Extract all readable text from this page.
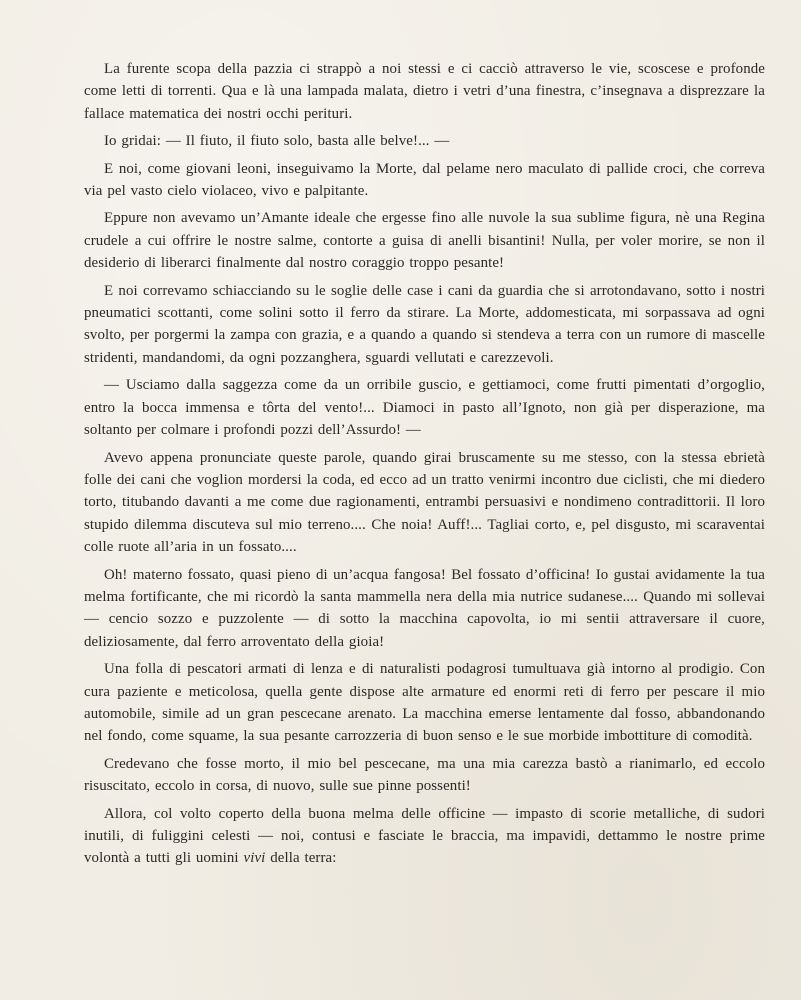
La furente scopa della pazzia ci strappò a noi stessi e ci cacciò attraverso le vie, scoscese e profonde come letti di torrenti. Qua e là una lampada malata, dietro i vetri d’una finestra, c’insegnava a disprezzare la fallace matematica dei nostri occhi perituri.

Io gridai: — Il fiuto, il fiuto solo, basta alle belve!... —

E noi, come giovani leoni, inseguivamo la Morte, dal pelame nero maculato di pallide croci, che correva via pel vasto cielo violaceo, vivo e palpitante.

Eppure non avevamo un’Amante ideale che ergesse fino alle nuvole la sua sublime figura, nè una Regina crudele a cui offrire le nostre salme, contorte a guisa di anelli bisantini! Nulla, per voler morire, se non il desiderio di liberarci finalmente dal nostro coraggio troppo pesante!

E noi correvamo schiacciando su le soglie delle case i cani da guardia che si arrotondavano, sotto i nostri pneumatici scottanti, come solini sotto il ferro da stirare. La Morte, addomesticata, mi sorpassava ad ogni svolto, per porgermi la zampa con grazia, e a quando a quando si stendeva a terra con un rumore di mascelle stridenti, mandandomi, da ogni pozzanghera, sguardi vellutati e carezzevoli.

— Usciamo dalla saggezza come da un orribile guscio, e gettiamoci, come frutti pimentati d’orgoglio, entro la bocca immensa e tôrta del vento!... Diamoci in pasto all’Ignoto, non già per disperazione, ma soltanto per colmare i profondi pozzi dell’Assurdo! —

Avevo appena pronunciate queste parole, quando girai bruscamente su me stesso, con la stessa ebrietà folle dei cani che voglion mordersi la coda, ed ecco ad un tratto venirmi incontro due ciclisti, che mi diedero torto, titubando davanti a me come due ragionamenti, entrambi persuasivi e nondimeno contradittorii. Il loro stupido dilemma discuteva sul mio terreno.... Che noia! Auff!... Tagliai corto, e, pel disgusto, mi scaraventai colle ruote all’aria in un fossato....

Oh! materno fossato, quasi pieno di un’acqua fangosa! Bel fossato d’officina! Io gustai avidamente la tua melma fortificante, che mi ricordò la santa mammella nera della mia nutrice sudanese.... Quando mi sollevai — cencio sozzo e puzzolente — di sotto la macchina capovolta, io mi sentii attraversare il cuore, deliziosamente, dal ferro arroventato della gioia!

Una folla di pescatori armati di lenza e di naturalisti podagrosi tumultuava già intorno al prodigio. Con cura paziente e meticolosa, quella gente dispose alte armature ed enormi reti di ferro per pescare il mio automobile, simile ad un gran pescecane arenato. La macchina emerse lentamente dal fosso, abbandonando nel fondo, come squame, la sua pesante carrozzeria di buon senso e le sue morbide imbottiture di comodità.

Credevano che fosse morto, il mio bel pescecane, ma una mia carezza bastò a rianimarlo, ed eccolo risuscitato, eccolo in corsa, di nuovo, sulle sue pinne possenti!

Allora, col volto coperto della buona melma delle officine — impasto di scorie metalliche, di sudori inutili, di fuliggini celesti — noi, contusi e fasciate le braccia, ma impavidi, dettammo le nostre prime volontà a tutti gli uomini vivi della terra:
